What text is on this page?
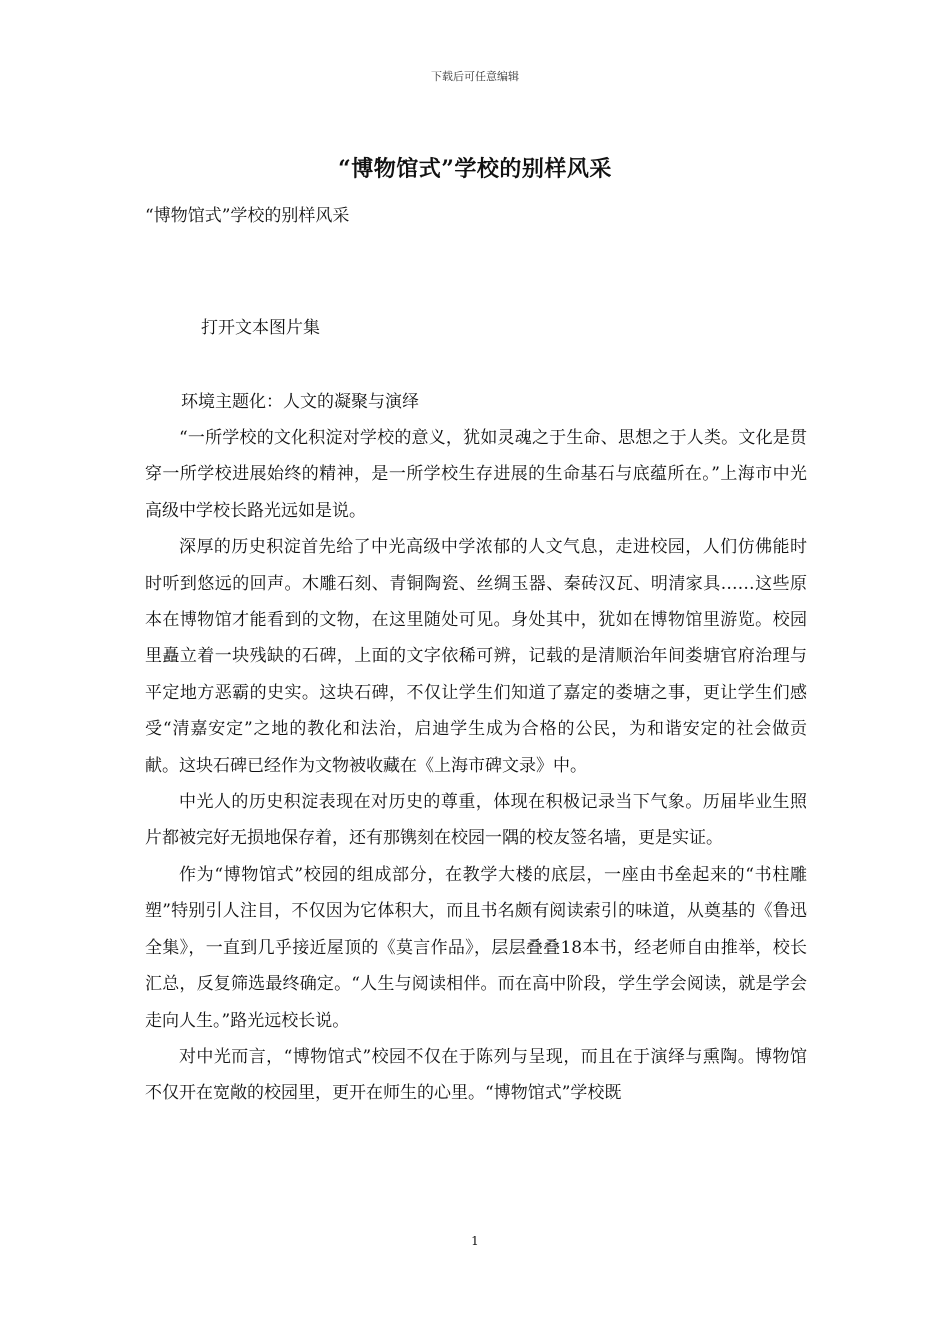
下载后可任意编辑
“博物馆式”学校的别样风采
“博物馆式”学校的别样风采
打开文本图片集
环境主题化：人文的凝聚与演绎

“一所学校的文化积淀对学校的意义，犹如灵魂之于生命、思想之于人类。文化是贯穿一所学校进展始终的精神，是一所学校生存进展的生命基石与底蕴所在。”上海市中光高级中学校长路光远如是说。

深厚的历史积淀首先给了中光高级中学浓郁的人文气息，走进校园，人们仿佛能时时听到悠远的回声。木雕石刻、青铜陶瓷、丝绸玉器、秦砖汉瓦、明清家具……这些原本在博物馆才能看到的文物，在这里随处可见。身处其中，犹如在博物馆里游览。校园里矗立着一块残缺的石碑，上面的文字依稀可辨，记载的是清顺治年间娄塘官府治理与平定地方恶霸的史实。这块石碑，不仅让学生们知道了嘉定的娄塘之事，更让学生们感受“清嘉安定”之地的教化和法治，启迪学生成为合格的公民，为和谐安定的社会做贡献。这块石碑已经作为文物被收藏在《上海市碑文录》中。

中光人的历史积淀表现在对历史的尊重，体现在积极记录当下气象。历届毕业生照片都被完好无损地保存着，还有那镌刻在校园一隅的校友签名墙，更是实证。

作为“博物馆式”校园的组成部分，在教学大楼的底层，一座由书垒起来的“书柱雕塑”特别引人注目，不仅因为它体积大，而且书名颇有阅读索引的味道，从奠基的《鲁迅全集》，一直到几乎接近屋顶的《莫言作品》，层层叠叠18本书，经老师自由推举，校长汇总，反复筛选最终确定。“人生与阅读相伴。而在高中阶段，学生学会阅读，就是学会走向人生。”路光远校长说。

对中光而言，“博物馆式”校园不仅在于陈列与呈现，而且在于演绎与熏陶。博物馆不仅开在宽敞的校园里，更开在师生的心里。“博物馆式”学校既

1
